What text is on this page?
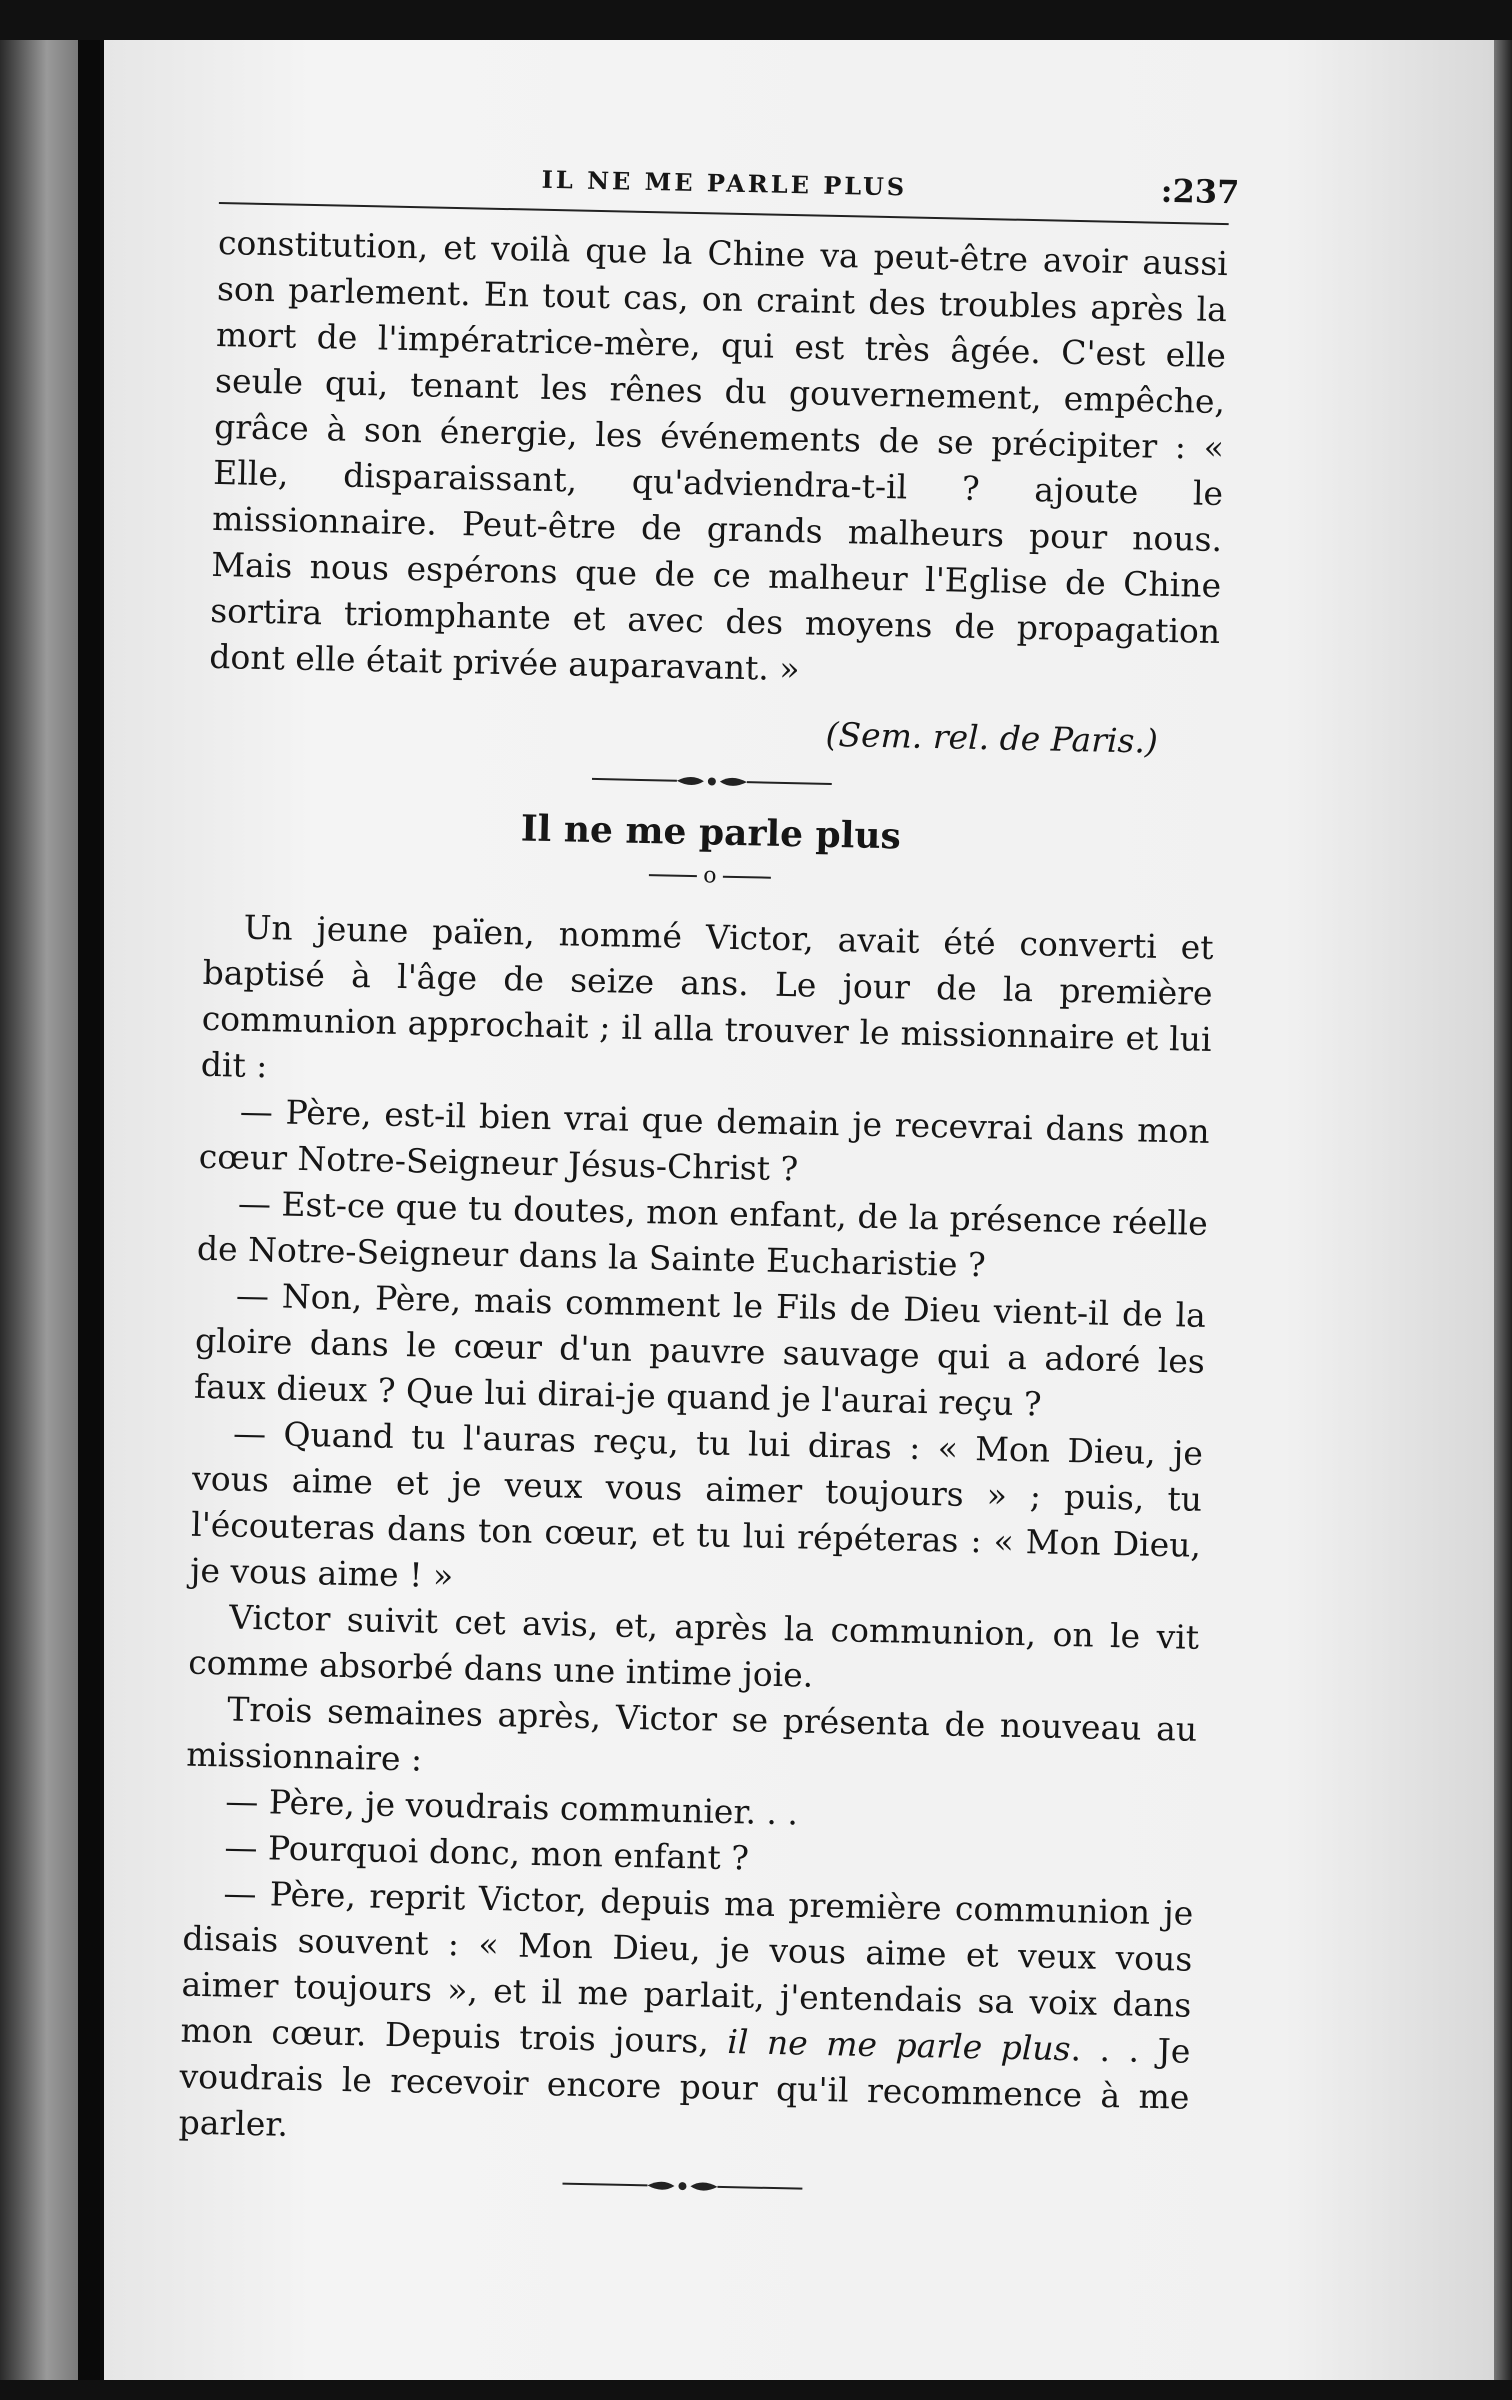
IL NE ME PARLE PLUS	:237

constitution, et voilà que la Chine va peut-être avoir aussi son parlement. En tout cas, on craint des troubles après la mort de l'impératrice-mère, qui est très âgée. C'est elle seule qui, tenant les rênes du gouvernement, empêche, grâce à son énergie, les événements de se précipiter : « Elle, disparaissant, qu'adviendra-t-il ? ajoute le missionnaire. Peut-être de grands malheurs pour nous. Mais nous espérons que de ce malheur l'Eglise de Chine sortira triomphante et avec des moyens de propagation dont elle était privée auparavant. »

(Sem. rel. de Paris.)
Il ne me parle plus
o

Un jeune païen, nommé Victor, avait été converti et baptisé à l'âge de seize ans. Le jour de la première communion approchait ; il alla trouver le missionnaire et lui dit :

— Père, est-il bien vrai que demain je recevrai dans mon cœur Notre-Seigneur Jésus-Christ ?

— Est-ce que tu doutes, mon enfant, de la présence réelle de Notre-Seigneur dans la Sainte Eucharistie ?

— Non, Père, mais comment le Fils de Dieu vient-il de la gloire dans le cœur d'un pauvre sauvage qui a adoré les faux dieux ? Que lui dirai-je quand je l'aurai reçu ?

— Quand tu l'auras reçu, tu lui diras : « Mon Dieu, je vous aime et je veux vous aimer toujours » ; puis, tu l'écouteras dans ton cœur, et tu lui répéteras : « Mon Dieu, je vous aime ! »

Victor suivit cet avis, et, après la communion, on le vit comme absorbé dans une intime joie.

Trois semaines après, Victor se présenta de nouveau au missionnaire :

— Père, je voudrais communier. . .

— Pourquoi donc, mon enfant ?

— Père, reprit Victor, depuis ma première communion je disais souvent : « Mon Dieu, je vous aime et veux vous aimer toujours », et il me parlait, j'entendais sa voix dans mon cœur. Depuis trois jours, il ne me parle plus. . . Je voudrais le recevoir encore pour qu'il recommence à me parler.
